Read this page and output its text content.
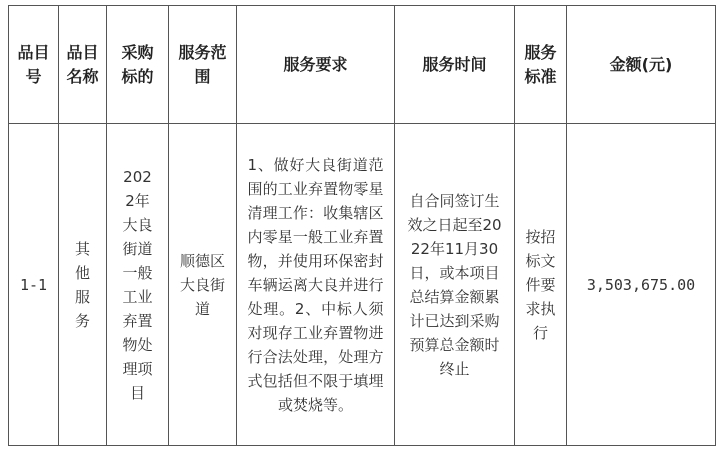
品目号	品目名称	采购标的	服务范围	服务要求	服务时间	服务标准	金额(元)
1-1	其他服务	2022年大良街道一般工业弃置物处理项目	顺德区大良街道	1、做好大良街道范围的工业弃置物零星清理工作：收集辖区内零星一般工业弃置物，并使用环保密封车辆运离大良并进行处理。2、中标人须对现存工业弃置物进行合法处理，处理方式包括但不限于填埋或焚烧等。	自合同签订生效之日起至2022年11月30日，或本项目总结算金额累计已达到采购预算总金额时终止	按招标文件要求执行	3,503,675.00
